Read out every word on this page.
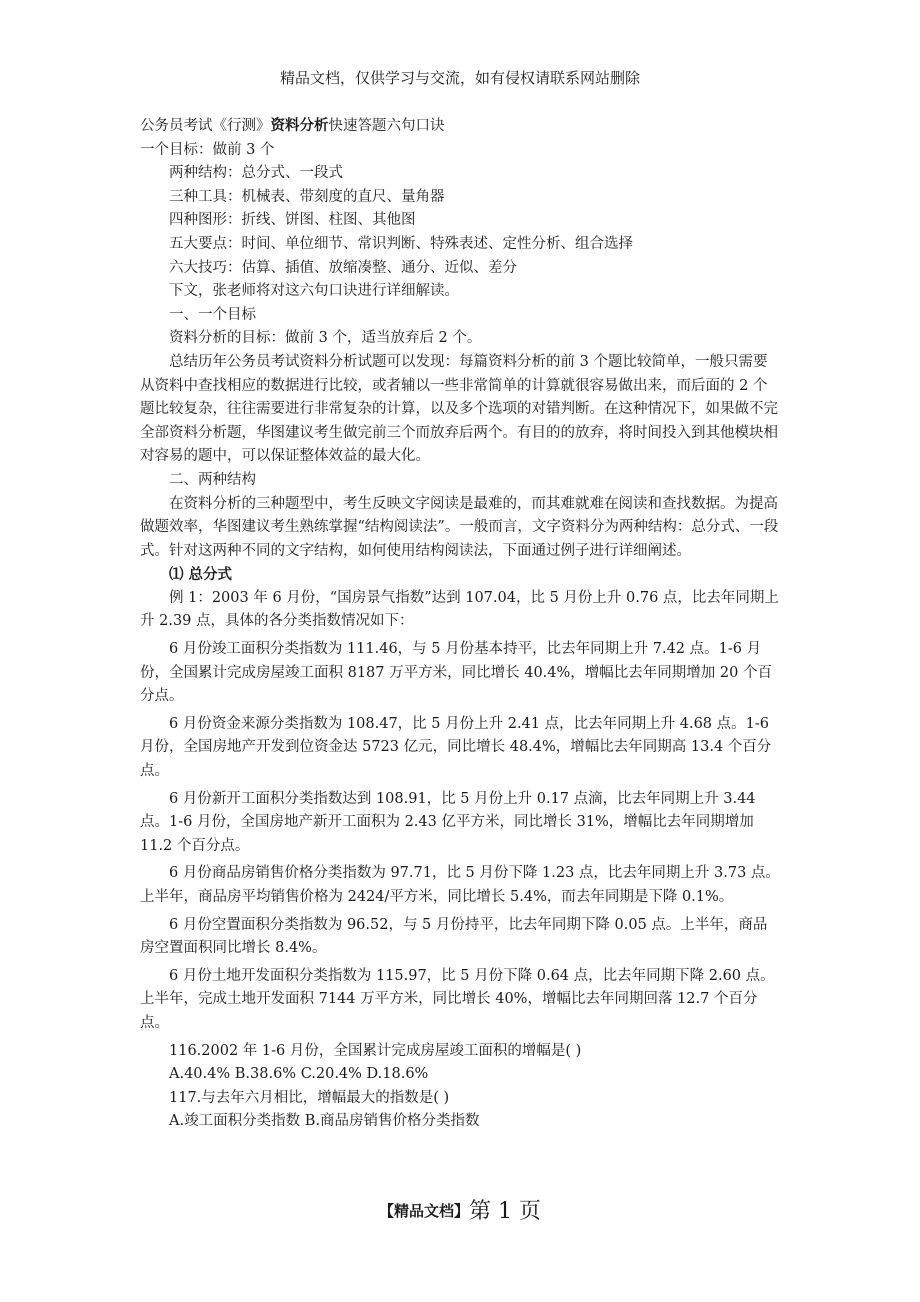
精品文档，仅供学习与交流，如有侵权请联系网站删除

公务员考试《行测》资料分析快速答题六句口诀

一个目标：做前 3 个

两种结构：总分式、一段式

三种工具：机械表、带刻度的直尺、量角器

四种图形：折线、饼图、柱图、其他图

五大要点：时间、单位细节、常识判断、特殊表述、定性分析、组合选择

六大技巧：估算、插值、放缩凑整、通分、近似、差分

下文，张老师将对这六句口诀进行详细解读。

一、一个目标

资料分析的目标：做前 3 个，适当放弃后 2 个。

总结历年公务员考试资料分析试题可以发现：每篇资料分析的前 3 个题比较简单，一般只需要从资料中查找相应的数据进行比较，或者辅以一些非常简单的计算就很容易做出来，而后面的 2 个题比较复杂，往往需要进行非常复杂的计算，以及多个选项的对错判断。在这种情况下，如果做不完全部资料分析题，华图建议考生做完前三个而放弃后两个。有目的的放弃，将时间投入到其他模块相对容易的题中，可以保证整体效益的最大化。

二、两种结构

在资料分析的三种题型中，考生反映文字阅读是最难的，而其难就难在阅读和查找数据。为提高做题效率，华图建议考生熟练掌握“结构阅读法”。一般而言，文字资料分为两种结构：总分式、一段式。针对这两种不同的文字结构，如何使用结构阅读法，下面通过例子进行详细阐述。

⑴ 总分式

例 1：2003 年 6 月份，“国房景气指数”达到 107.04，比 5 月份上升 0.76 点，比去年同期上升 2.39 点，具体的各分类指数情况如下：

6 月份竣工面积分类指数为 111.46，与 5 月份基本持平，比去年同期上升 7.42 点。1-6 月份，全国累计完成房屋竣工面积 8187 万平方米，同比增长 40.4%，增幅比去年同期增加 20 个百分点。

6 月份资金来源分类指数为 108.47，比 5 月份上升 2.41 点，比去年同期上升 4.68 点。1-6 月份，全国房地产开发到位资金达 5723 亿元，同比增长 48.4%，增幅比去年同期高 13.4 个百分点。

6 月份新开工面积分类指数达到 108.91，比 5 月份上升 0.17 点滴，比去年同期上升 3.44 点。1-6 月份，全国房地产新开工面积为 2.43 亿平方米，同比增长 31%，增幅比去年同期增加 11.2 个百分点。

6 月份商品房销售价格分类指数为 97.71，比 5 月份下降 1.23 点，比去年同期上升 3.73 点。上半年，商品房平均销售价格为 2424/平方米，同比增长 5.4%，而去年同期是下降 0.1%。

6 月份空置面积分类指数为 96.52，与 5 月份持平，比去年同期下降 0.05 点。上半年，商品房空置面积同比增长 8.4%。

6 月份土地开发面积分类指数为 115.97，比 5 月份下降 0.64 点，比去年同期下降 2.60 点。上半年，完成土地开发面积 7144 万平方米，同比增长 40%，增幅比去年同期回落 12.7 个百分点。

116.2002 年 1-6 月份，全国累计完成房屋竣工面积的增幅是( )

A.40.4% B.38.6% C.20.4% D.18.6%

117.与去年六月相比，增幅最大的指数是( )

A.竣工面积分类指数 B.商品房销售价格分类指数

【精品文档】第 1 页
